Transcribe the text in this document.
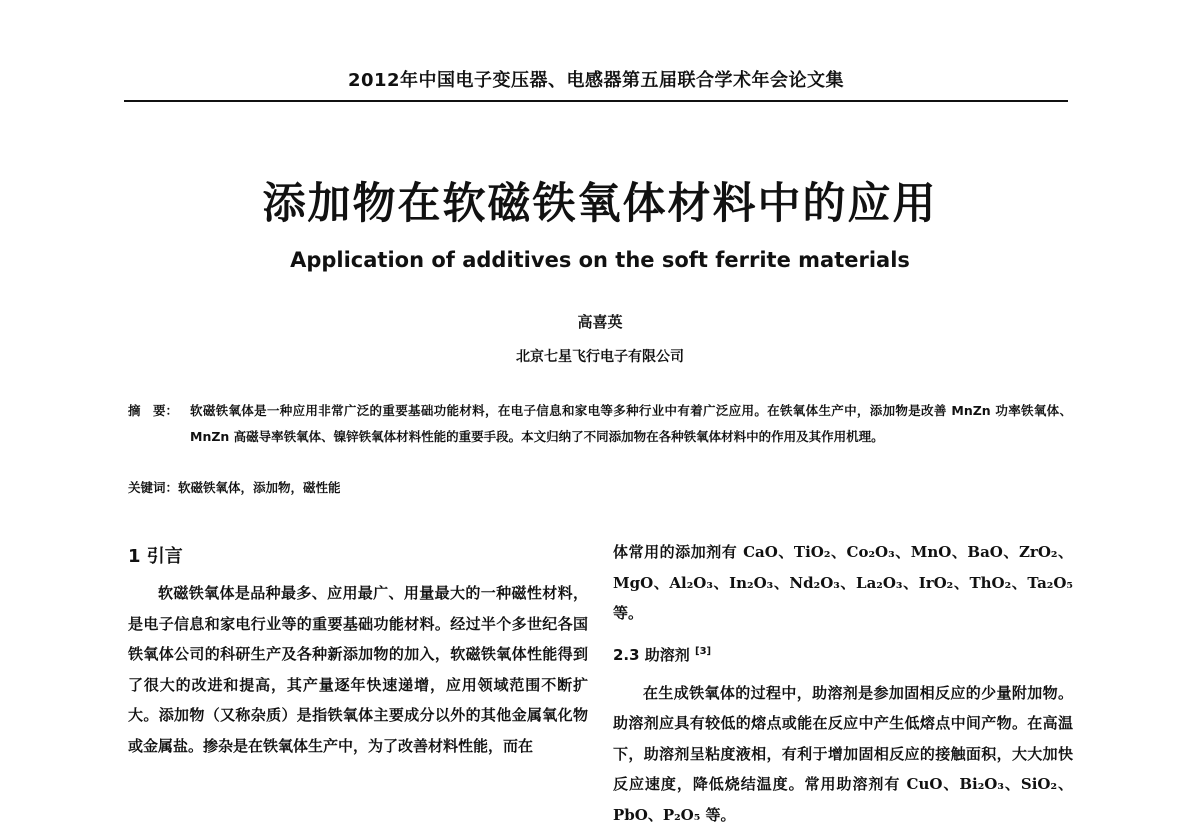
2012年中国电子变压器、电感器第五届联合学术年会论文集
添加物在软磁铁氧体材料中的应用
Application of additives on the soft ferrite materials
高喜英
北京七星飞行电子有限公司
摘　要： 软磁铁氧体是一种应用非常广泛的重要基础功能材料，在电子信息和家电等多种行业中有着广泛应用。在铁氧体生产中，添加物是改善 MnZn 功率铁氧体、MnZn 高磁导率铁氧体、镍锌铁氧体材料性能的重要手段。本文归纳了不同添加物在各种铁氧体材料中的作用及其作用机理。
关键词：软磁铁氧体，添加物，磁性能
1 引言

软磁铁氧体是品种最多、应用最广、用量最大的一种磁性材料，是电子信息和家电行业等的重要基础功能材料。经过半个多世纪各国铁氧体公司的科研生产及各种新添加物的加入，软磁铁氧体性能得到了很大的改进和提高，其产量逐年快速递增，应用领域范围不断扩大。添加物（又称杂质）是指铁氧体主要成分以外的其他金属氧化物或金属盐。掺杂是在铁氧体生产中，为了改善材料性能，而在

体常用的添加剂有 CaO、TiO₂、Co₂O₃、MnO、BaO、ZrO₂、MgO、Al₂O₃、In₂O₃、Nd₂O₃、La₂O₃、IrO₂、ThO₂、Ta₂O₅ 等。

2.3 助溶剂 [3]

在生成铁氧体的过程中，助溶剂是参加固相反应的少量附加物。助溶剂应具有较低的熔点或能在反应中产生低熔点中间产物。在高温下，助溶剂呈粘度液相，有利于增加固相反应的接触面积，大大加快反应速度，降低烧结温度。常用助溶剂有 CuO、Bi₂O₃、SiO₂、PbO、P₂O₅ 等。
